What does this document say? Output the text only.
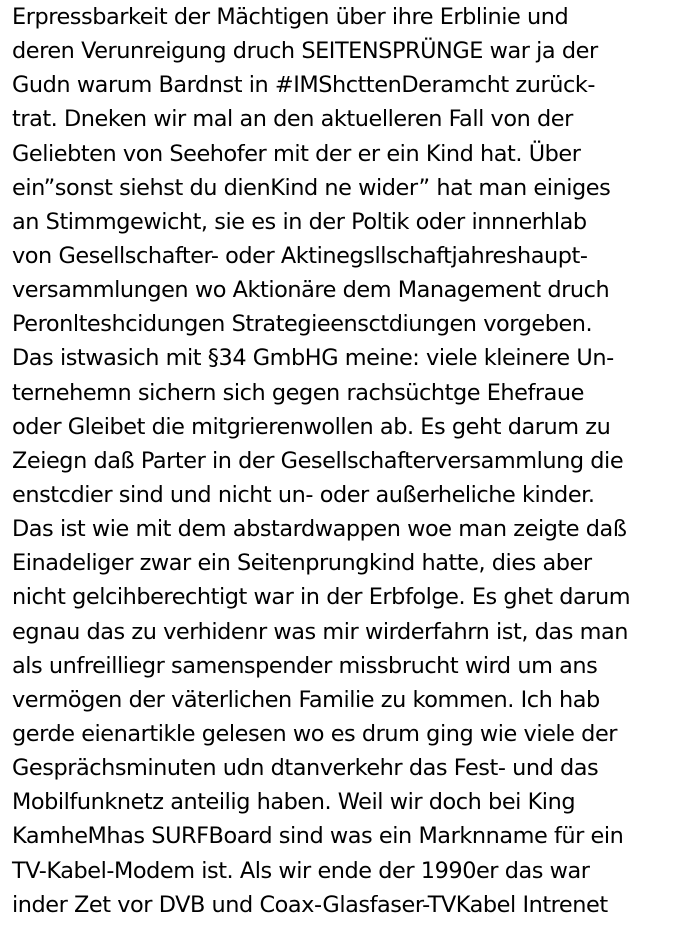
Erpressbarkeit der Mächtigen über ihre Erblinie und
deren Verunreigung druch SEITENSPRÜNGE war ja der
Gudn warum Bardnst in #IMShcttenDeramcht zurück-
trat. Dneken wir mal an den aktuelleren Fall von der
Geliebten von Seehofer mit der er ein Kind hat. Über
ein”sonst siehst du dienKind ne wider” hat man einiges
an Stimmgewicht, sie es in der Poltik oder innnerhlab
von Gesellschafter- oder Aktinegsllschaftjahreshaupt-
versammlungen wo Aktionäre dem Management druch
Peronlteshcidungen Strategieensctdiungen vorgeben.
Das istwasich mit §34 GmbHG meine: viele kleinere Un-
ternehemn sichern sich gegen rachsüchtge Ehefraue
oder Gleibet die mitgrierenwollen ab. Es geht darum zu
Zeiegn daß Parter in der Gesellschafterversammlung die
enstcdier sind und nicht un- oder außerheliche kinder.
Das ist wie mit dem abstardwappen woe man zeigte daß
Einadeliger zwar ein Seitenprungkind hatte, dies aber
nicht gelcihberechtigt war in der Erbfolge. Es ghet darum
egnau das zu verhidenr was mir wirderfahrn ist, das man
als unfreilliegr samenspender missbrucht wird um ans
vermögen der väterlichen Familie zu kommen. Ich hab
gerde eienartikle gelesen wo es drum ging wie viele der
Gesprächsminuten udn dtanverkehr das Fest- und das
Mobilfunknetz anteilig haben. Weil wir doch bei King
KamheMhas SURFBoard sind was ein Marknname für ein
TV-Kabel-Modem ist. Als wir ende der 1990er das war
inder Zet vor DVB und Coax-Glasfaser-TVKabel Intrenet
